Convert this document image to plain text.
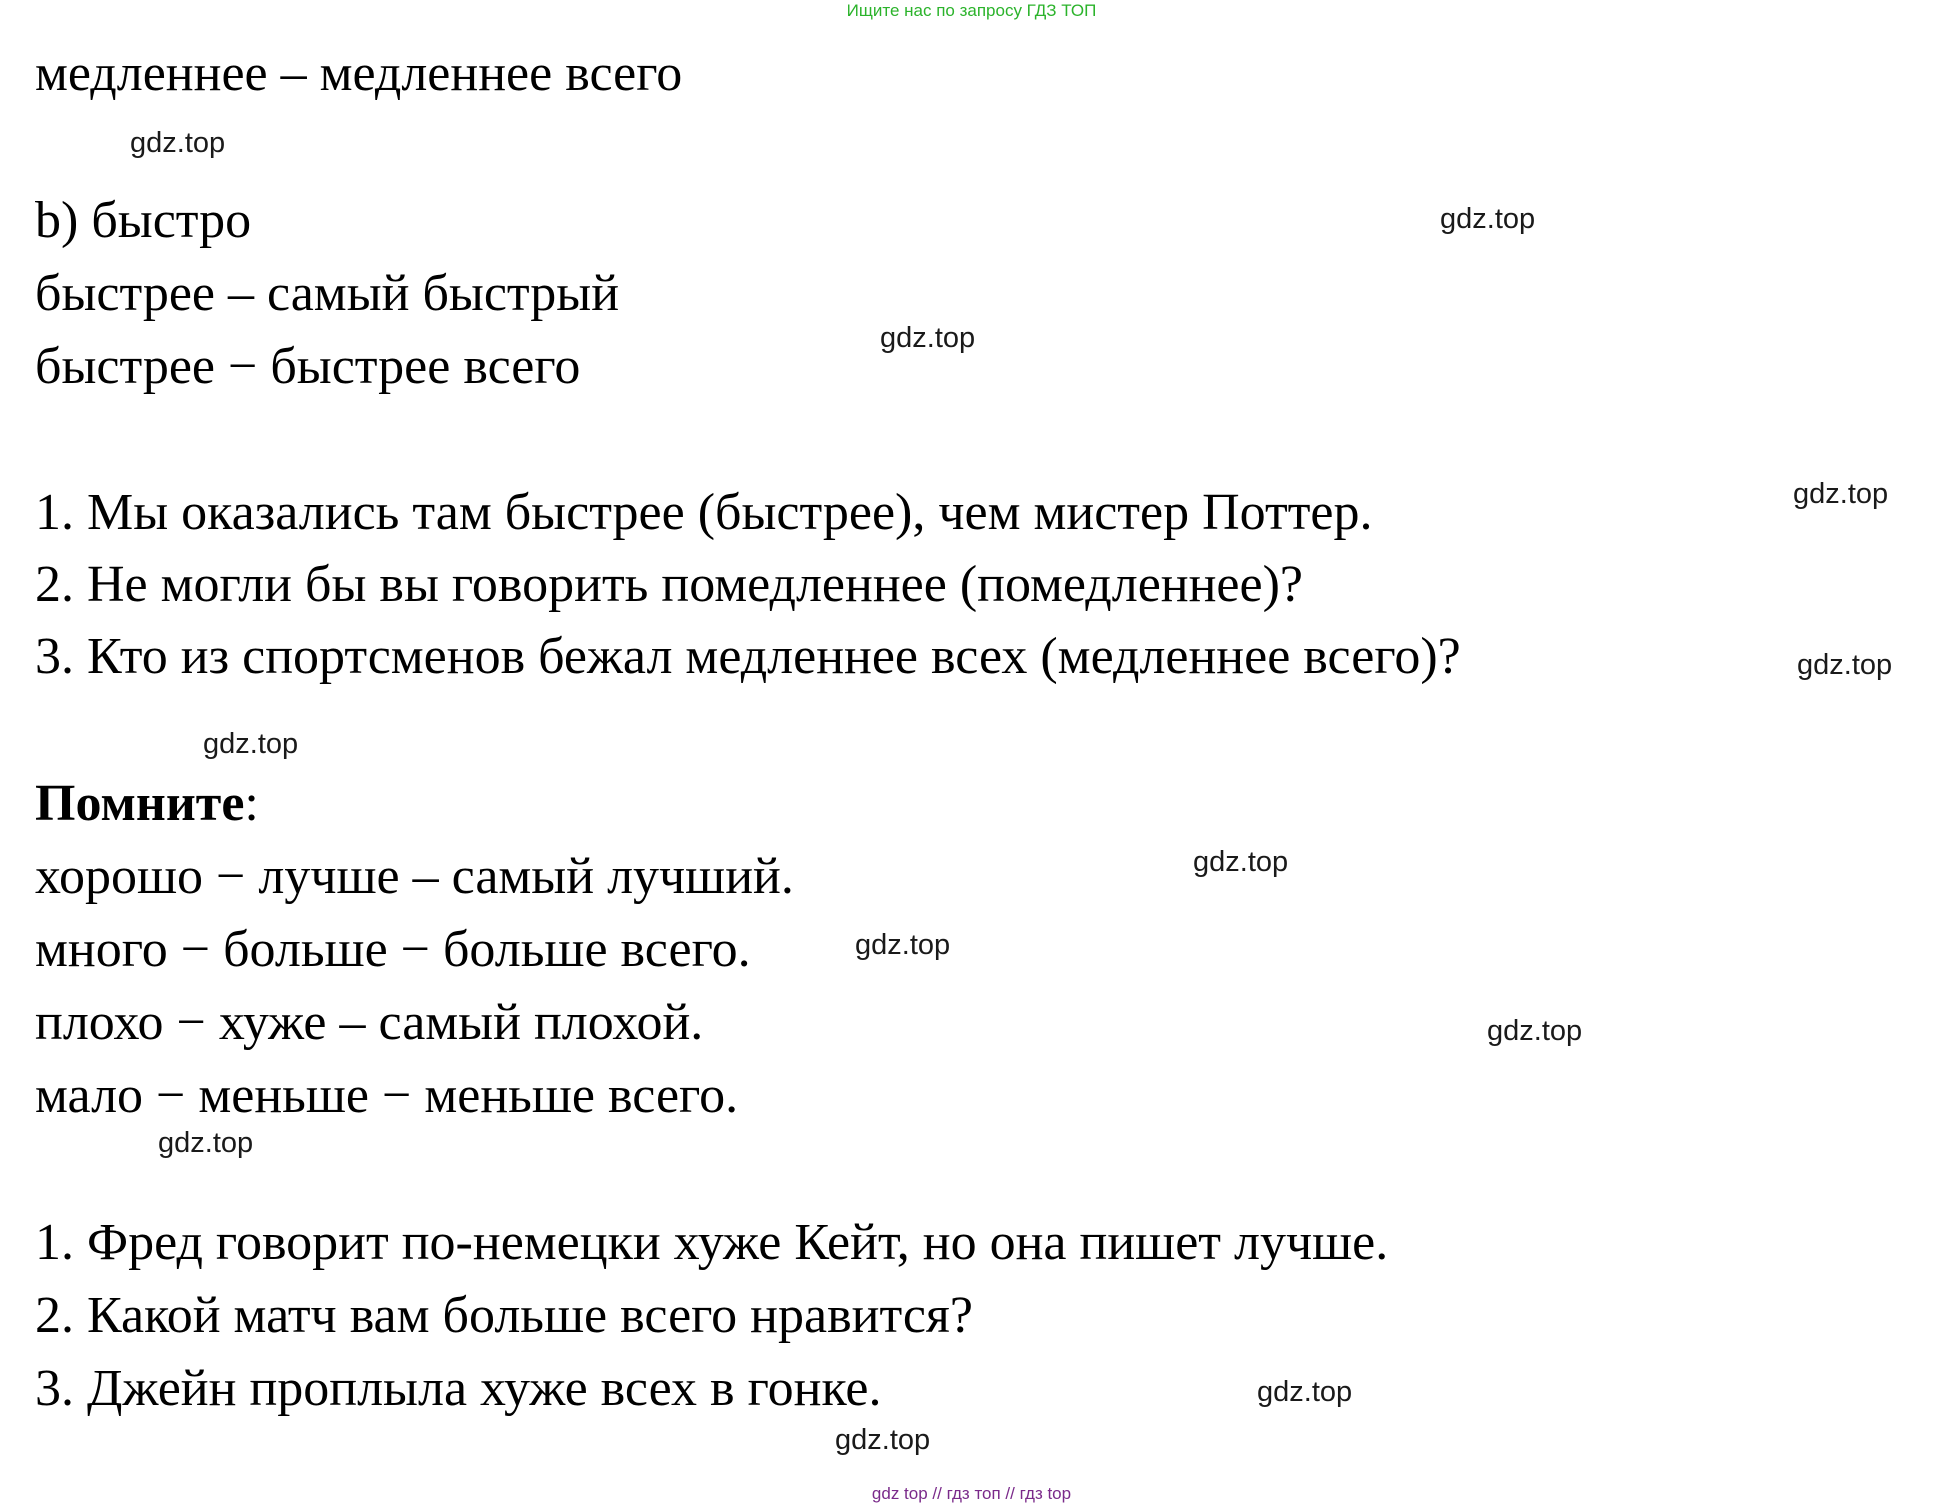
Ищите нас по запросу ГДЗ ТОП
медленнее – медленнее всего
gdz.top
b) быстро	gdz.top
быстрее – самый быстрый
gdz.top
быстрее − быстрее всего
gdz.top
1. Мы оказались там быстрее (быстрее), чем мистер Поттер.
2. Не могли бы вы говорить помедленнее (помедленнее)?
3. Кто из спортсменов бежал медленнее всех (медленнее всего)?	gdz.top
gdz.top
Помните:
хорошо − лучше – самый лучший.	gdz.top
много − больше − больше всего.	gdz.top
плохо − хуже – самый плохой.	gdz.top
мало − меньше − меньше всего.
gdz.top
1. Фред говорит по-немецки хуже Кейт, но она пишет лучше.
2. Какой матч вам больше всего нравится?
3. Джейн проплыла хуже всех в гонке.	gdz.top
gdz.top
gdz top // гдз топ // гдз top
